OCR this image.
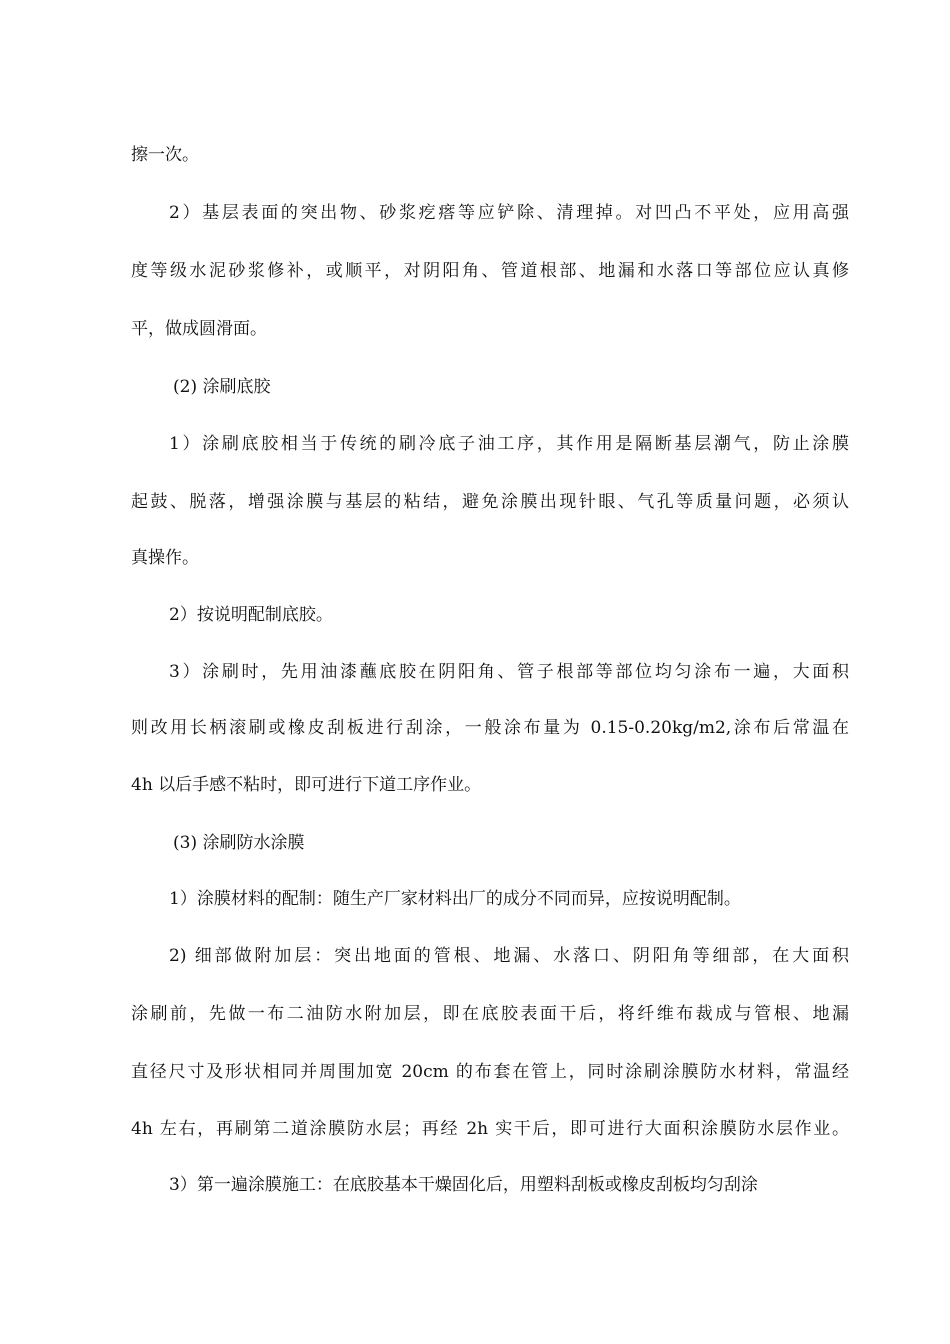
擦一次。
2）基层表面的突出物、砂浆疙瘩等应铲除、清理掉。对凹凸不平处，应用高强
度等级水泥砂浆修补，或顺平，对阴阳角、管道根部、地漏和水落口等部位应认真修
平，做成圆滑面。
(2) 涂刷底胶
1）涂刷底胶相当于传统的刷冷底子油工序，其作用是隔断基层潮气，防止涂膜
起鼓、脱落，增强涂膜与基层的粘结，避免涂膜出现针眼、气孔等质量问题，必须认
真操作。
2）按说明配制底胶。
3）涂刷时，先用油漆蘸底胶在阴阳角、管子根部等部位均匀涂布一遍，大面积
则改用长柄滚刷或橡皮刮板进行刮涂，一般涂布量为 0.15-0.20kg/m2,涂布后常温在
4h 以后手感不粘时，即可进行下道工序作业。
(3) 涂刷防水涂膜
1）涂膜材料的配制：随生产厂家材料出厂的成分不同而异，应按说明配制。
2) 细部做附加层：突出地面的管根、地漏、水落口、阴阳角等细部，在大面积
涂刷前，先做一布二油防水附加层，即在底胶表面干后，将纤维布裁成与管根、地漏
直径尺寸及形状相同并周围加宽 20cm 的布套在管上，同时涂刷涂膜防水材料，常温经
4h 左右，再刷第二道涂膜防水层；再经 2h 实干后，即可进行大面积涂膜防水层作业。
3）第一遍涂膜施工：在底胶基本干燥固化后，用塑料刮板或橡皮刮板均匀刮涂
